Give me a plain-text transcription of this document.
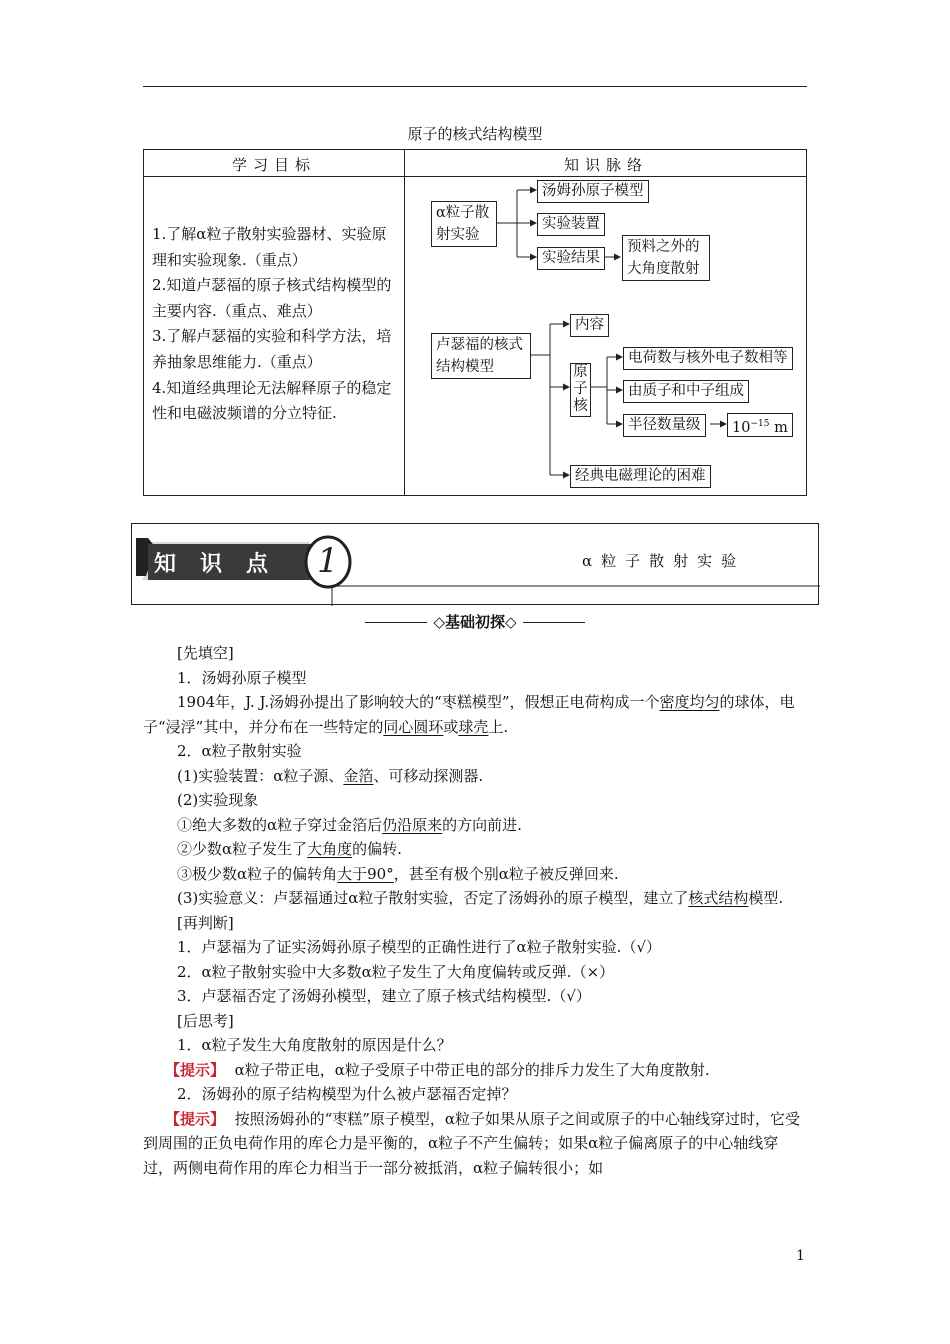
原子的核式结构模型
学习目标	知识脉络
1.了解α粒子散射实验器材、实验原理和实验现象.（重点）
2.知道卢瑟福的原子核式结构模型的主要内容.（重点、难点）
3.了解卢瑟福的实验和科学方法，培养抽象思维能力.（重点）
4.知道经典理论无法解释原子的稳定性和电磁波频谱的分立特征.
α粒子散射实验
汤姆孙原子模型
实验装置
实验结果
预料之外的大角度散射
卢瑟福的核式结构模型
内容
原子核
电荷数与核外电子数相等
由质子和中子组成
半径数量级	$10^{-15}$ m
经典电磁理论的困难
知识点 1	α粒子散射实验
◇基础初探◇

[先填空]

1．汤姆孙原子模型

1904年，J. J.汤姆孙提出了影响较大的“枣糕模型”，假想正电荷构成一个密度均匀的球体，电子“浸浮”其中，并分布在一些特定的同心圆环或球壳上.

2．α粒子散射实验

(1)实验装置：α粒子源、金箔、可移动探测器.

(2)实验现象

①绝大多数的α粒子穿过金箔后仍沿原来的方向前进.

②少数α粒子发生了大角度的偏转.

③极少数α粒子的偏转角大于90°，甚至有极个别α粒子被反弹回来.

(3)实验意义：卢瑟福通过α粒子散射实验，否定了汤姆孙的原子模型，建立了核式结构模型.

[再判断]

1．卢瑟福为了证实汤姆孙原子模型的正确性进行了α粒子散射实验.（√）

2．α粒子散射实验中大多数α粒子发生了大角度偏转或反弹.（×）

3．卢瑟福否定了汤姆孙模型，建立了原子核式结构模型.（√）

[后思考]

1．α粒子发生大角度散射的原因是什么？

【提示】 α粒子带正电，α粒子受原子中带正电的部分的排斥力发生了大角度散射.

2．汤姆孙的原子结构模型为什么被卢瑟福否定掉？

【提示】 按照汤姆孙的“枣糕”原子模型，α粒子如果从原子之间或原子的中心轴线穿过时，它受到周围的正负电荷作用的库仑力是平衡的，α粒子不产生偏转；如果α粒子偏离原子的中心轴线穿过，两侧电荷作用的库仑力相当于一部分被抵消，α粒子偏转很小；如

1
